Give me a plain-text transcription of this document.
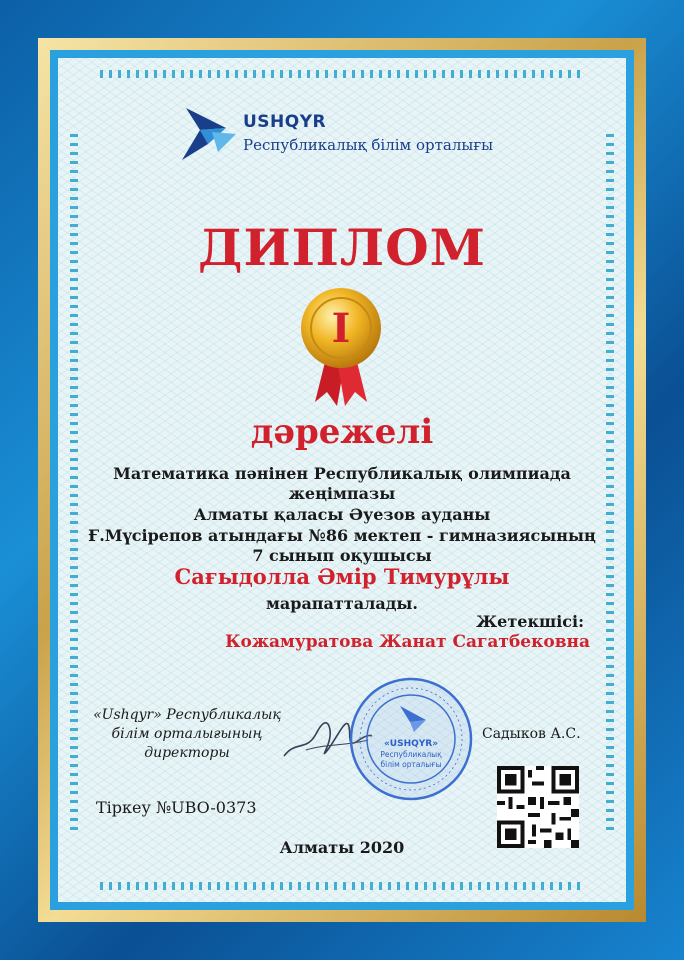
USHQYR
Республикалық білім орталығы
ДИПЛОМ
I
дәрежелі
Математика пәнінен Республикалық олимпиада
жеңімпазы
Алматы қаласы Әуезов ауданы
Ғ.Мүсірепов атындағы №86 мектеп - гимназиясының
7 сынып оқушысы
Сағыдолла Әмір Тимурұлы
марапатталады.
Жетекшісі:
Кожамуратова Жанат Сагатбековна
«Ushqyr» Республикалық
білім орталығының
директоры
«USHQYR»
Республикалық
білім орталығы
Садыков А.С.
Тіркеу №UBO-0373
Алматы 2020
